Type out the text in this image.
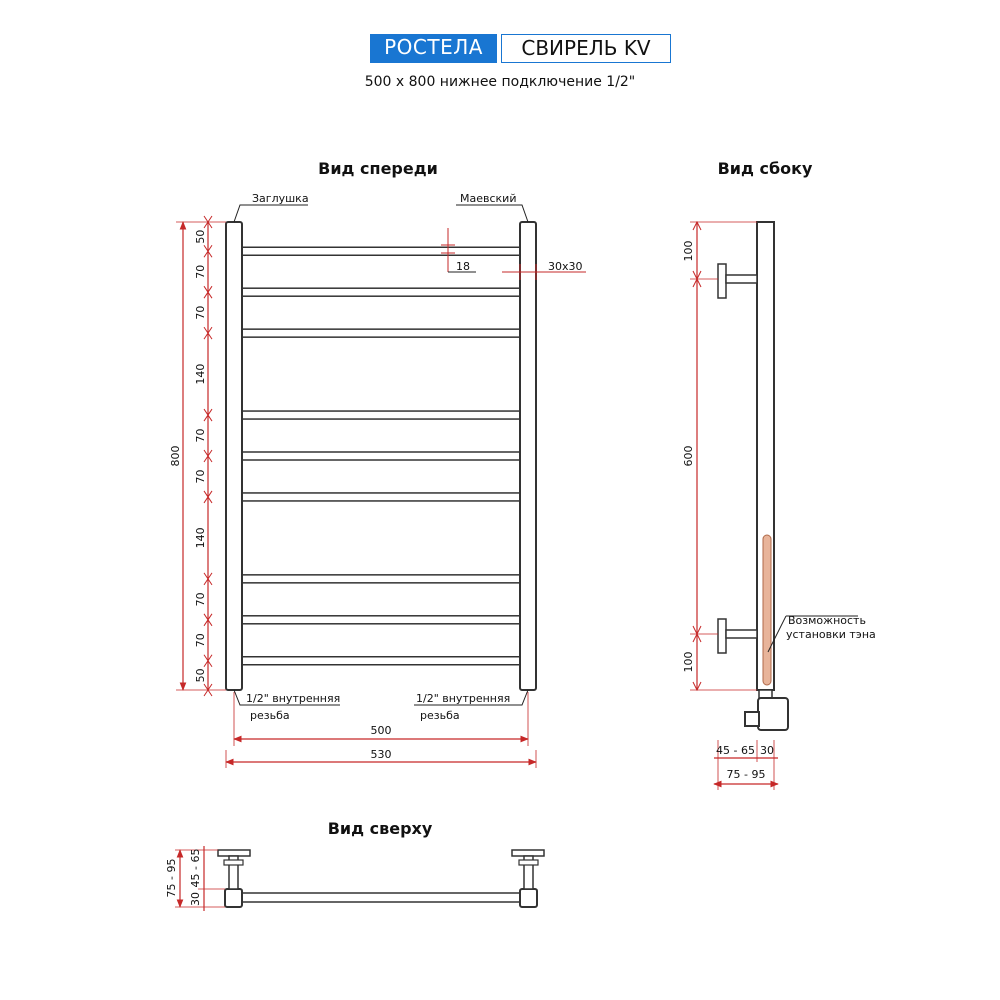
РОСТЕЛА	СВИРЕЛЬ KV
500 x 800 нижнее подключение 1/2"
Вид спереди
Заглушка	Маевский
18	30x30
800
50
70
70
140
70
70
140
70
70
50
1/2" внутренняя
резьба
1/2" внутренняя
резьба
500
530
Вид сбоку
Возможность
установки тэна
100
600
100
45 - 65 30
75 - 95
Вид сверху
75 - 95 45 - 65
30
